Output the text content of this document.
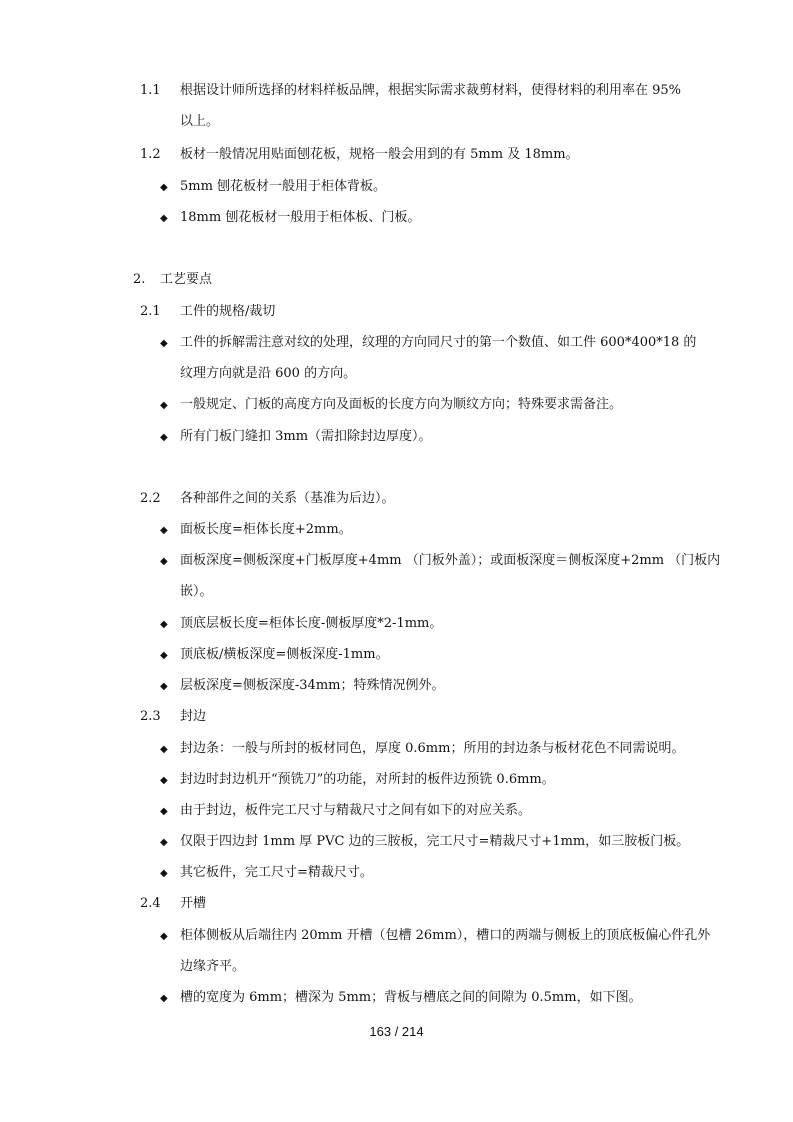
1.1 根据设计师所选择的材料样板品牌，根据实际需求裁剪材料，使得材料的利用率在 95%
以上。
1.2 板材一般情况用贴面刨花板，规格一般会用到的有 5mm 及 18mm。
◆ 5mm 刨花板材一般用于柜体背板。
◆ 18mm 刨花板材一般用于柜体板、门板。
2. 工艺要点
2.1 工件的规格/裁切
◆ 工件的拆解需注意对纹的处理，纹理的方向同尺寸的第一个数值、如工件 600*400*18 的
纹理方向就是沿 600 的方向。
◆ 一般规定、门板的高度方向及面板的长度方向为顺纹方向；特殊要求需备注。
◆ 所有门板门缝扣 3mm（需扣除封边厚度）。
2.2 各种部件之间的关系（基准为后边）。
◆ 面板长度=柜体长度+2mm。
◆ 面板深度=侧板深度+门板厚度+4mm （门板外盖）；或面板深度＝侧板深度+2mm （门板内
嵌）。
◆ 顶底层板长度=柜体长度-侧板厚度*2-1mm。
◆ 顶底板/横板深度=侧板深度-1mm。
◆ 层板深度=侧板深度-34mm；特殊情况例外。
2.3 封边
◆ 封边条：一般与所封的板材同色，厚度 0.6mm；所用的封边条与板材花色不同需说明。
◆ 封边时封边机开“预铣刀”的功能，对所封的板件边预铣 0.6mm。
◆ 由于封边，板件完工尺寸与精裁尺寸之间有如下的对应关系。
◆ 仅限于四边封 1mm 厚 PVC 边的三胺板，完工尺寸=精裁尺寸+1mm，如三胺板门板。
◆ 其它板件，完工尺寸=精裁尺寸。
2.4 开槽
◆ 柜体侧板从后端往内 20mm 开槽（包槽 26mm），槽口的两端与侧板上的顶底板偏心件孔外
边缘齐平。
◆ 槽的宽度为 6mm；槽深为 5mm；背板与槽底之间的间隙为 0.5mm，如下图。
163 / 214
